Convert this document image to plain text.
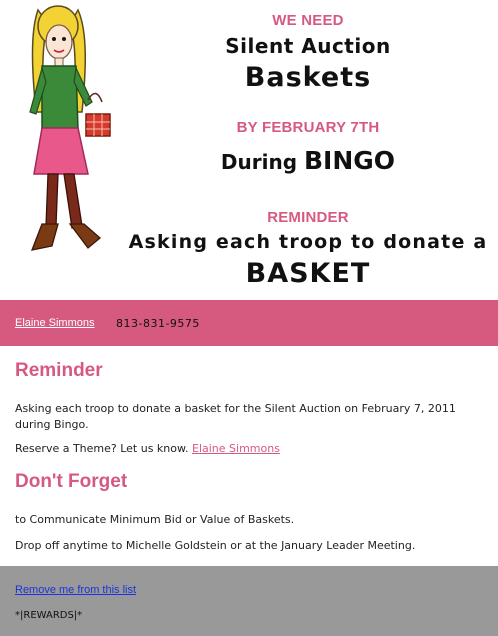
WE NEED
Silent Auction
Baskets
BY FEBRUARY 7TH
During BINGO
REMINDER
Asking each troop to donate a
BASKET
Elaine Simmons 813-831-9575
Reminder

Asking each troop to donate a basket for the Silent Auction on February 7, 2011 during Bingo.

Reserve a Theme? Let us know. Elaine Simmons

Don't Forget

to Communicate Minimum Bid or Value of Baskets.

Drop off anytime to Michelle Goldstein or at the January Leader Meeting.

Remove me from this list
*|REWARDS|*
